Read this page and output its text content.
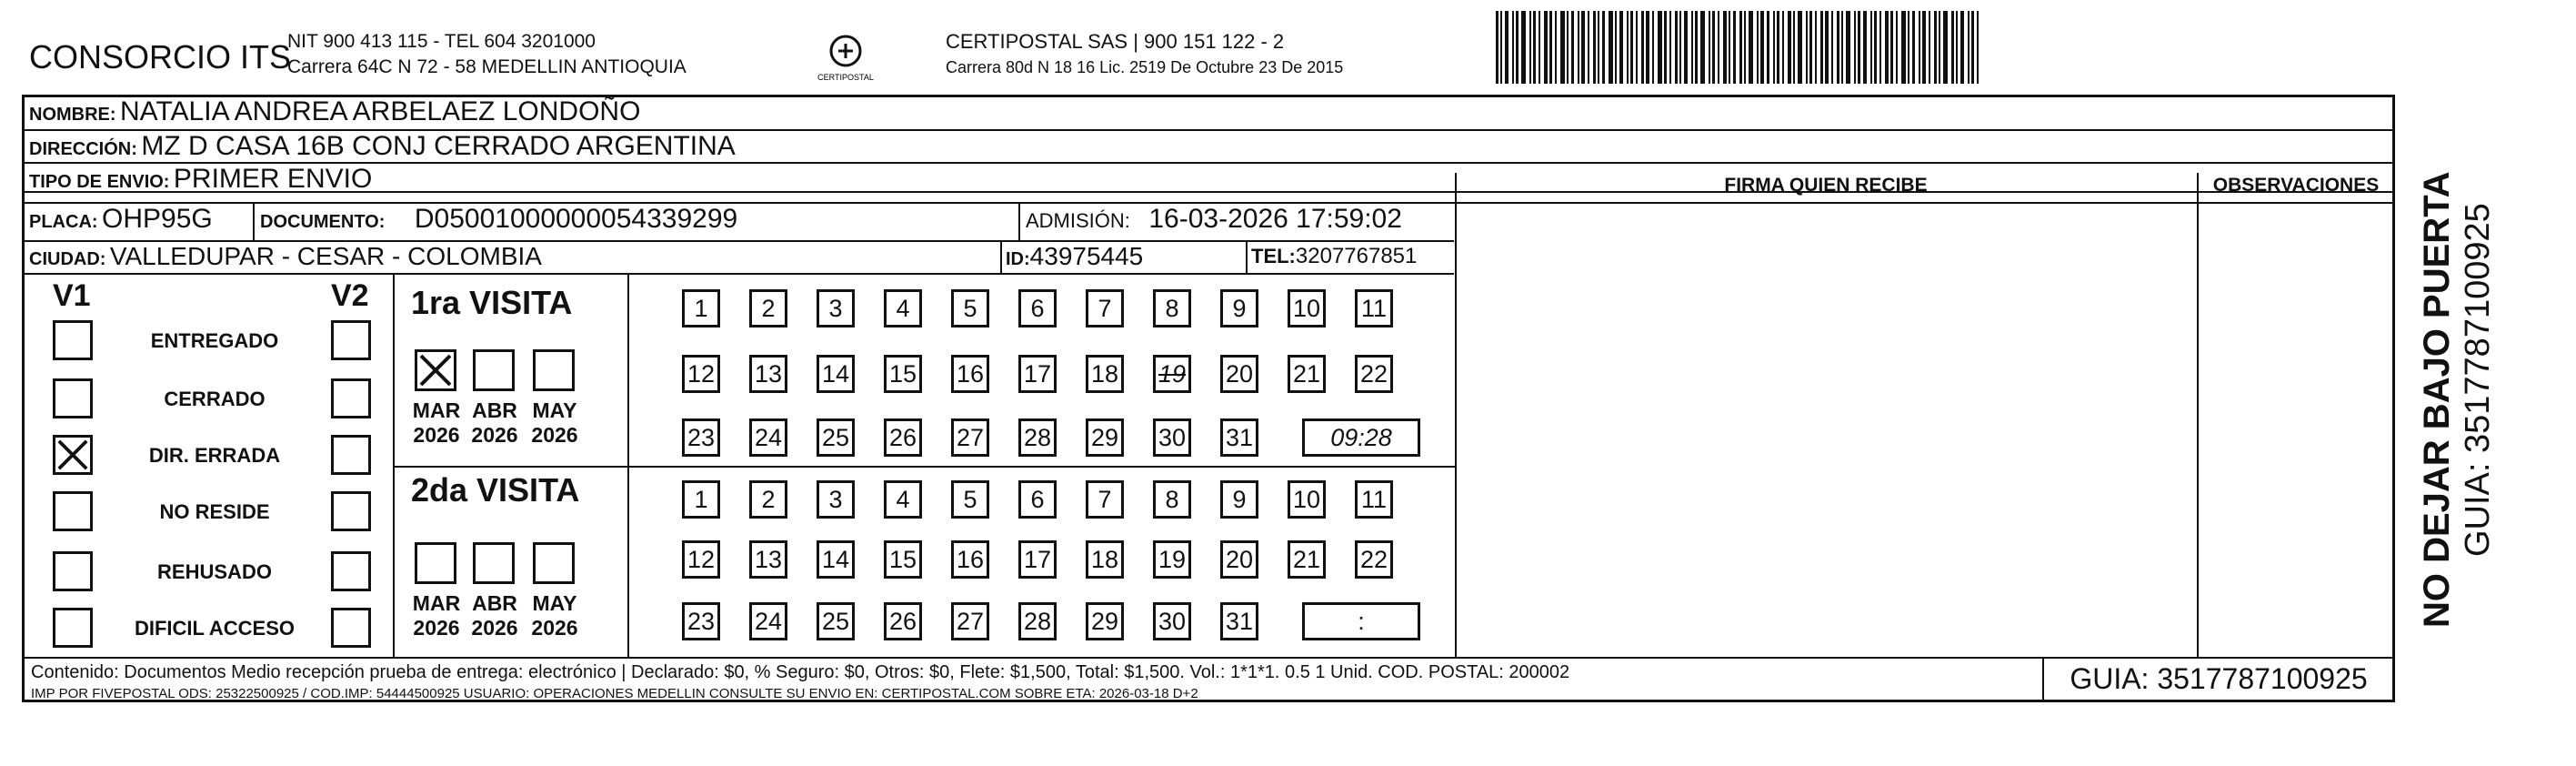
CONSORCIO ITS
NIT 900 413 115 - TEL 604 3201000
Carrera 64C N 72 - 58 MEDELLIN ANTIOQUIA	CERTIPOSTAL
CERTIPOSTAL SAS | 900 151 122 - 2
Carrera 80d N 18 16 Lic. 2519 De Octubre 23 De 2015
NOMBRE: NATALIA ANDREA ARBELAEZ LONDOÑO
DIRECCIÓN: MZ D CASA 16B CONJ CERRADO ARGENTINA
TIPO DE ENVIO: PRIMER ENVIO
PLACA: OHP95G	DOCUMENTO: D05001000000054339299	ADMISIÓN: 16-03-2026 17:59:02
CIUDAD: VALLEDUPAR - CESAR - COLOMBIA	ID:43975445	TEL:3207767851
FIRMA QUIEN RECIBE	OBSERVACIONES
V1	V2 1ra VISITA
2da VISITA
Contenido: Documentos Medio recepción prueba de entrega: electrónico | Declarado: $0, % Seguro: $0, Otros: $0, Flete: $1,500, Total: $1,500. Vol.: 1*1*1. 0.5 1 Unid. COD. POSTAL: 200002
IMP POR FIVEPOSTAL ODS: 25322500925 / COD.IMP: 54444500925 USUARIO: OPERACIONES MEDELLIN CONSULTE SU ENVIO EN: CERTIPOSTAL.COM SOBRE ETA: 2026-03-18 D+2	GUIA: 3517787100925
NO DEJAR BAJO PUERTA GUIA: 3517787100925
ENTREGADO
CERRADO
DIR. ERRADA
NO RESIDE
REHUSADO
DIFICIL ACCESO
MAR
2026
ABR
2026
MAY
2026
MAR
2026
ABR
2026
MAY
2026
1	2	3	4	5	6	7	8	9	10 11
12 13 14 15 16 17 18 19 20 21 22
23 24 25 26 27 28 29 30 31	09:28
1	2	3	4	5	6	7	8	9	10 11
12 13 14 15 16 17 18 19 20 21 22
23 24 25 26 27 28 29 30 31	:
